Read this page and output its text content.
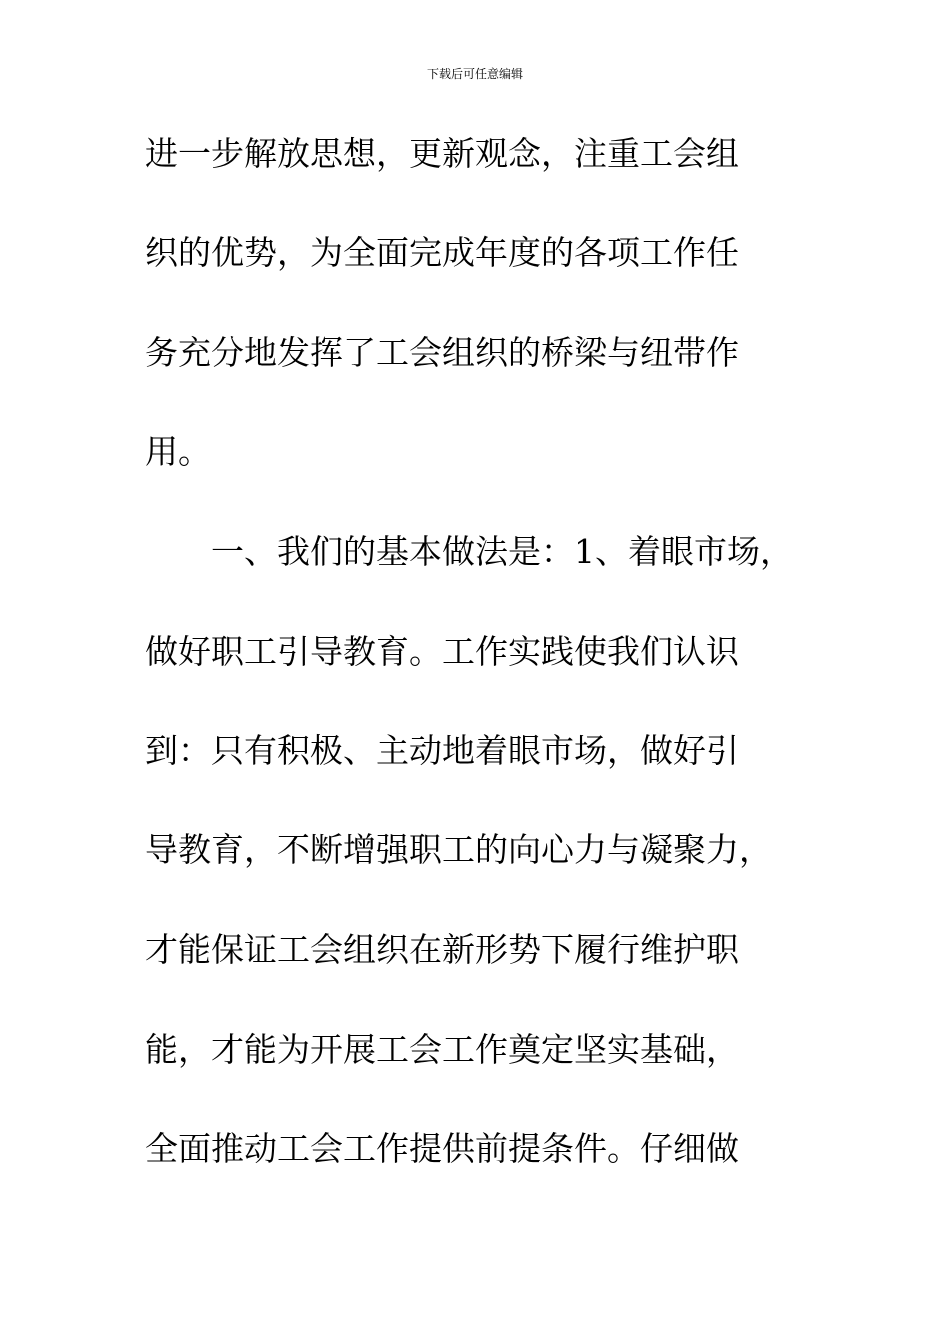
下载后可任意编辑
进一步解放思想，更新观念，注重工会组
织的优势，为全面完成年度的各项工作任
务充分地发挥了工会组织的桥梁与纽带作
用。
　　一、我们的基本做法是：1、着眼市场，
做好职工引导教育。工作实践使我们认识
到：只有积极、主动地着眼市场，做好引
导教育，不断增强职工的向心力与凝聚力，
才能保证工会组织在新形势下履行维护职
能，才能为开展工会工作奠定坚实基础，
全面推动工会工作提供前提条件。仔细做
